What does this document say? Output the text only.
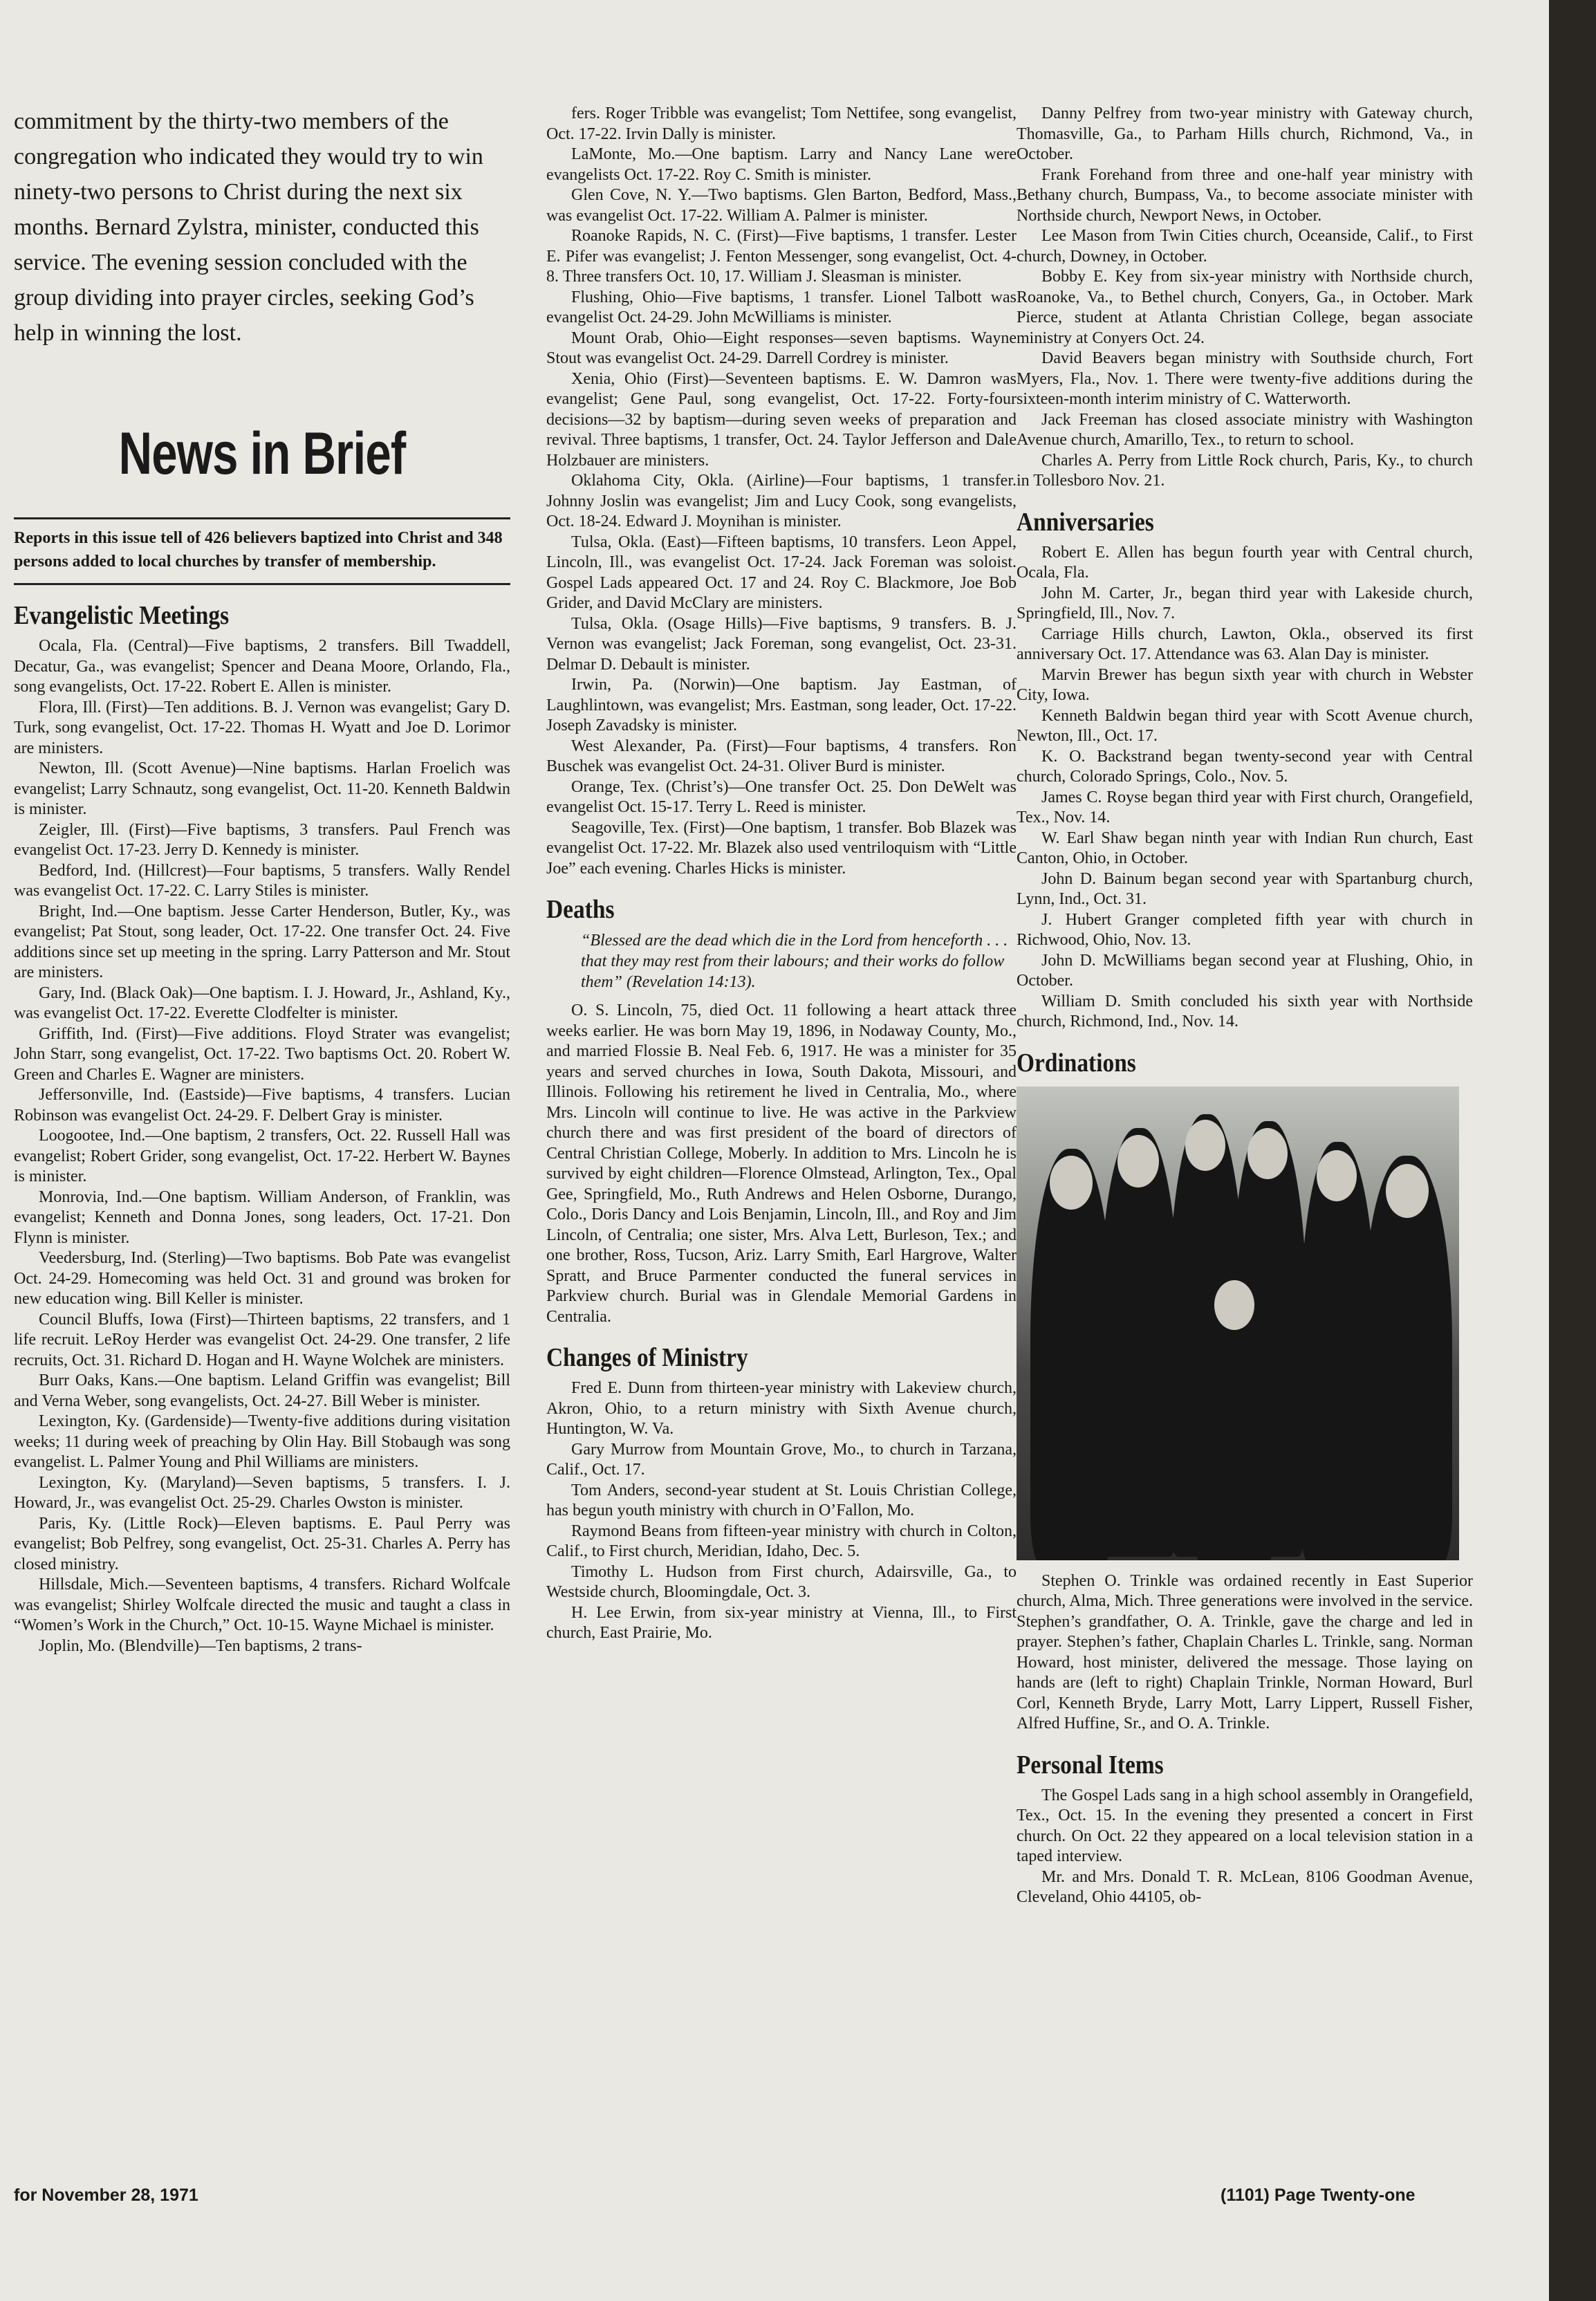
commitment by the thirty-two members of the congregation who indicated they would try to win ninety-two persons to Christ during the next six months. Bernard Zylstra, minister, conducted this service. The evening session concluded with the group dividing into prayer circles, seeking God’s help in winning the lost.

News in Brief

Reports in this issue tell of 426 believers baptized into Christ and 348 persons added to local churches by transfer of membership.

Evangelistic Meetings

Ocala, Fla. (Central)—Five baptisms, 2 transfers. Bill Twaddell, Decatur, Ga., was evangelist; Spencer and Deana Moore, Orlando, Fla., song evangelists, Oct. 17-22. Robert E. Allen is minister.

Flora, Ill. (First)—Ten additions. B. J. Vernon was evangelist; Gary D. Turk, song evangelist, Oct. 17-22. Thomas H. Wyatt and Joe D. Lorimor are ministers.

Newton, Ill. (Scott Avenue)—Nine baptisms. Harlan Froelich was evangelist; Larry Schnautz, song evangelist, Oct. 11-20. Kenneth Baldwin is minister.

Zeigler, Ill. (First)—Five baptisms, 3 transfers. Paul French was evangelist Oct. 17-23. Jerry D. Kennedy is minister.

Bedford, Ind. (Hillcrest)—Four baptisms, 5 transfers. Wally Rendel was evangelist Oct. 17-22. C. Larry Stiles is minister.

Bright, Ind.—One baptism. Jesse Carter Henderson, Butler, Ky., was evangelist; Pat Stout, song leader, Oct. 17-22. One transfer Oct. 24. Five additions since set up meeting in the spring. Larry Patterson and Mr. Stout are ministers.

Gary, Ind. (Black Oak)—One baptism. I. J. Howard, Jr., Ashland, Ky., was evangelist Oct. 17-22. Everette Clodfelter is minister.

Griffith, Ind. (First)—Five additions. Floyd Strater was evangelist; John Starr, song evangelist, Oct. 17-22. Two baptisms Oct. 20. Robert W. Green and Charles E. Wagner are ministers.

Jeffersonville, Ind. (Eastside)—Five baptisms, 4 transfers. Lucian Robinson was evangelist Oct. 24-29. F. Delbert Gray is minister.

Loogootee, Ind.—One baptism, 2 transfers, Oct. 22. Russell Hall was evangelist; Robert Grider, song evangelist, Oct. 17-22. Herbert W. Baynes is minister.

Monrovia, Ind.—One baptism. William Anderson, of Franklin, was evangelist; Kenneth and Donna Jones, song leaders, Oct. 17-21. Don Flynn is minister.

Veedersburg, Ind. (Sterling)—Two baptisms. Bob Pate was evangelist Oct. 24-29. Homecoming was held Oct. 31 and ground was broken for new education wing. Bill Keller is minister.

Council Bluffs, Iowa (First)—Thirteen baptisms, 22 transfers, and 1 life recruit. LeRoy Herder was evangelist Oct. 24-29. One transfer, 2 life recruits, Oct. 31. Richard D. Hogan and H. Wayne Wolchek are ministers.

Burr Oaks, Kans.—One baptism. Leland Griffin was evangelist; Bill and Verna Weber, song evangelists, Oct. 24-27. Bill Weber is minister.

Lexington, Ky. (Gardenside)—Twenty-five additions during visitation weeks; 11 during week of preaching by Olin Hay. Bill Stobaugh was song evangelist. L. Palmer Young and Phil Williams are ministers.

Lexington, Ky. (Maryland)—Seven baptisms, 5 transfers. I. J. Howard, Jr., was evangelist Oct. 25-29. Charles Owston is minister.

Paris, Ky. (Little Rock)—Eleven baptisms. E. Paul Perry was evangelist; Bob Pelfrey, song evangelist, Oct. 25-31. Charles A. Perry has closed ministry.

Hillsdale, Mich.—Seventeen baptisms, 4 transfers. Richard Wolfcale was evangelist; Shirley Wolfcale directed the music and taught a class in “Women’s Work in the Church,” Oct. 10-15. Wayne Michael is minister.

Joplin, Mo. (Blendville)—Ten baptisms, 2 trans-

fers. Roger Tribble was evangelist; Tom Nettifee, song evangelist, Oct. 17-22. Irvin Dally is minister.

LaMonte, Mo.—One baptism. Larry and Nancy Lane were evangelists Oct. 17-22. Roy C. Smith is minister.

Glen Cove, N. Y.—Two baptisms. Glen Barton, Bedford, Mass., was evangelist Oct. 17-22. William A. Palmer is minister.

Roanoke Rapids, N. C. (First)—Five baptisms, 1 transfer. Lester E. Pifer was evangelist; J. Fenton Messenger, song evangelist, Oct. 4-8. Three transfers Oct. 10, 17. William J. Sleasman is minister.

Flushing, Ohio—Five baptisms, 1 transfer. Lionel Talbott was evangelist Oct. 24-29. John McWilliams is minister.

Mount Orab, Ohio—Eight responses—seven baptisms. Wayne Stout was evangelist Oct. 24-29. Darrell Cordrey is minister.

Xenia, Ohio (First)—Seventeen baptisms. E. W. Damron was evangelist; Gene Paul, song evangelist, Oct. 17-22. Forty-four decisions—32 by baptism—during seven weeks of preparation and revival. Three baptisms, 1 transfer, Oct. 24. Taylor Jefferson and Dale Holzbauer are ministers.

Oklahoma City, Okla. (Airline)—Four baptisms, 1 transfer. Johnny Joslin was evangelist; Jim and Lucy Cook, song evangelists, Oct. 18-24. Edward J. Moynihan is minister.

Tulsa, Okla. (East)—Fifteen baptisms, 10 transfers. Leon Appel, Lincoln, Ill., was evangelist Oct. 17-24. Jack Foreman was soloist. Gospel Lads appeared Oct. 17 and 24. Roy C. Blackmore, Joe Bob Grider, and David McClary are ministers.

Tulsa, Okla. (Osage Hills)—Five baptisms, 9 transfers. B. J. Vernon was evangelist; Jack Foreman, song evangelist, Oct. 23-31. Delmar D. Debault is minister.

Irwin, Pa. (Norwin)—One baptism. Jay Eastman, of Laughlintown, was evangelist; Mrs. Eastman, song leader, Oct. 17-22. Joseph Zavadsky is minister.

West Alexander, Pa. (First)—Four baptisms, 4 transfers. Ron Buschek was evangelist Oct. 24-31. Oliver Burd is minister.

Orange, Tex. (Christ’s)—One transfer Oct. 25. Don DeWelt was evangelist Oct. 15-17. Terry L. Reed is minister.

Seagoville, Tex. (First)—One baptism, 1 transfer. Bob Blazek was evangelist Oct. 17-22. Mr. Blazek also used ventriloquism with “Little Joe” each evening. Charles Hicks is minister.

Deaths

“Blessed are the dead which die in the Lord from henceforth . . . that they may rest from their labours; and their works do follow them” (Revelation 14:13).

O. S. Lincoln, 75, died Oct. 11 following a heart attack three weeks earlier. He was born May 19, 1896, in Nodaway County, Mo., and married Flossie B. Neal Feb. 6, 1917. He was a minister for 35 years and served churches in Iowa, South Dakota, Missouri, and Illinois. Following his retirement he lived in Centralia, Mo., where Mrs. Lincoln will continue to live. He was active in the Parkview church there and was first president of the board of directors of Central Christian College, Moberly. In addition to Mrs. Lincoln he is survived by eight children—Florence Olmstead, Arlington, Tex., Opal Gee, Springfield, Mo., Ruth Andrews and Helen Osborne, Durango, Colo., Doris Dancy and Lois Benjamin, Lincoln, Ill., and Roy and Jim Lincoln, of Centralia; one sister, Mrs. Alva Lett, Burleson, Tex.; and one brother, Ross, Tucson, Ariz. Larry Smith, Earl Hargrove, Walter Spratt, and Bruce Parmenter conducted the funeral services in Parkview church. Burial was in Glendale Memorial Gardens in Centralia.

Changes of Ministry

Fred E. Dunn from thirteen-year ministry with Lakeview church, Akron, Ohio, to a return ministry with Sixth Avenue church, Huntington, W. Va.

Gary Murrow from Mountain Grove, Mo., to church in Tarzana, Calif., Oct. 17.

Tom Anders, second-year student at St. Louis Christian College, has begun youth ministry with church in O’Fallon, Mo.

Raymond Beans from fifteen-year ministry with church in Colton, Calif., to First church, Meridian, Idaho, Dec. 5.

Timothy L. Hudson from First church, Adairsville, Ga., to Westside church, Bloomingdale, Oct. 3.

H. Lee Erwin, from six-year ministry at Vienna, Ill., to First church, East Prairie, Mo.

Danny Pelfrey from two-year ministry with Gateway church, Thomasville, Ga., to Parham Hills church, Richmond, Va., in October.

Frank Forehand from three and one-half year ministry with Bethany church, Bumpass, Va., to become associate minister with Northside church, Newport News, in October.

Lee Mason from Twin Cities church, Oceanside, Calif., to First church, Downey, in October.

Bobby E. Key from six-year ministry with Northside church, Roanoke, Va., to Bethel church, Conyers, Ga., in October. Mark Pierce, student at Atlanta Christian College, began associate ministry at Conyers Oct. 24.

David Beavers began ministry with Southside church, Fort Myers, Fla., Nov. 1. There were twenty-five additions during the sixteen-month interim ministry of C. Watterworth.

Jack Freeman has closed associate ministry with Washington Avenue church, Amarillo, Tex., to return to school.

Charles A. Perry from Little Rock church, Paris, Ky., to church in Tollesboro Nov. 21.

Anniversaries

Robert E. Allen has begun fourth year with Central church, Ocala, Fla.

John M. Carter, Jr., began third year with Lakeside church, Springfield, Ill., Nov. 7.

Carriage Hills church, Lawton, Okla., observed its first anniversary Oct. 17. Attendance was 63. Alan Day is minister.

Marvin Brewer has begun sixth year with church in Webster City, Iowa.

Kenneth Baldwin began third year with Scott Avenue church, Newton, Ill., Oct. 17.

K. O. Backstrand began twenty-second year with Central church, Colorado Springs, Colo., Nov. 5.

James C. Royse began third year with First church, Orangefield, Tex., Nov. 14.

W. Earl Shaw began ninth year with Indian Run church, East Canton, Ohio, in October.

John D. Bainum began second year with Spartanburg church, Lynn, Ind., Oct. 31.

J. Hubert Granger completed fifth year with church in Richwood, Ohio, Nov. 13.

John D. McWilliams began second year at Flushing, Ohio, in October.

William D. Smith concluded his sixth year with Northside church, Richmond, Ind., Nov. 14.

Ordinations

Stephen O. Trinkle was ordained recently in East Superior church, Alma, Mich. Three generations were involved in the service. Stephen’s grandfather, O. A. Trinkle, gave the charge and led in prayer. Stephen’s father, Chaplain Charles L. Trinkle, sang. Norman Howard, host minister, delivered the message. Those laying on hands are (left to right) Chaplain Trinkle, Norman Howard, Burl Corl, Kenneth Bryde, Larry Mott, Larry Lippert, Russell Fisher, Alfred Huffine, Sr., and O. A. Trinkle.

Personal Items

The Gospel Lads sang in a high school assembly in Orangefield, Tex., Oct. 15. In the evening they presented a concert in First church. On Oct. 22 they appeared on a local television station in a taped interview.

Mr. and Mrs. Donald T. R. McLean, 8106 Goodman Avenue, Cleveland, Ohio 44105, ob-

for November 28, 1971	(1101) Page Twenty-one
